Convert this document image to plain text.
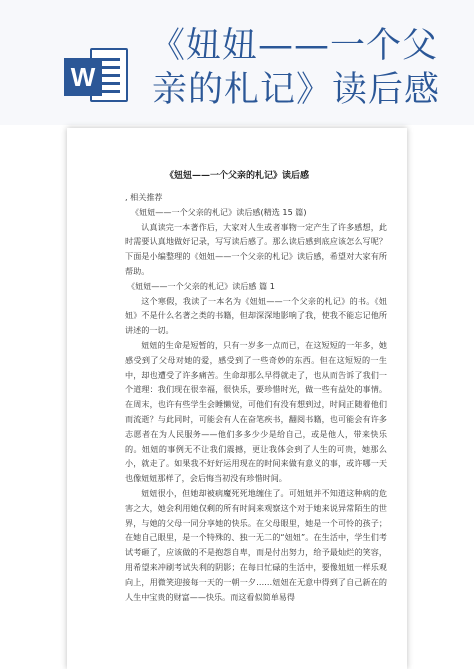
W
《妞妞——一个父
亲的札记》读后感
《妞妞——一个父亲的札记》读后感

, 相关推荐

《妞妞——一个父亲的札记》读后感(精选 15 篇)

认真读完一本著作后，大家对人生或者事物一定产生了许多感想，此时需要认真地做好记录，写写读后感了。那么读后感到底应该怎么写呢？下面是小编整理的《妞妞——一个父亲的札记》读后感，希望对大家有所帮助。

《妞妞——一个父亲的札记》读后感 篇 1

这个寒假，我读了一本名为《妞妞——一个父亲的札记》的书。《妞妞》不是什么名著之类的书籍，但却深深地影响了我，使我不能忘记他所讲述的一切。

妞妞的生命是短暂的，只有一岁多一点而已，在这短短的一年多，她感受到了父母对她的爱，感受到了一些奇妙的东西。但在这短短的一生中，却也遭受了许多痛苦。生命却那么早得就走了，也从而告诉了我们一个道理：我们现在很幸福，很快乐，要珍惜时光，做一些有益处的事情。在周末，也许有些学生会睡懒觉，可他们有没有想到过，时间正随着他们而流逝？与此同时，可能会有人在奋笔疾书，翻阅书籍，也可能会有许多志愿者在为人民服务——他们多多少少是给自己，或是他人，带来快乐的。妞妞的事例无不让我们震撼，更让我体会到了人生的可贵，她那么小，就走了。如果我不好好运用现在的时间来做有意义的事，或许哪一天也像妞妞那样了，会后悔当初没有珍惜时间。

妞妞很小，但她却被病魔死死地缠住了。可妞妞并不知道这种病的危害之大，她会利用她仅剩的所有时间来观察这个对于她来说异常陌生的世界，与她的父母一同分享她的快乐。在父母眼里，她是一个可怜的孩子；在她自己眼里，是一个特殊的、独一无二的“妞妞”。在生活中，学生们考试考砸了，应该做的不是抱怨自卑，而是付出努力，给予最灿烂的笑容，用希望来冲刷考试失利的阴影；在每日忙碌的生活中，要像妞妞一样乐观向上，用微笑迎接每一天的一朝一夕……妞妞在无意中得到了自己新在的人生中宝贵的财富——快乐。而这看似简单易得
